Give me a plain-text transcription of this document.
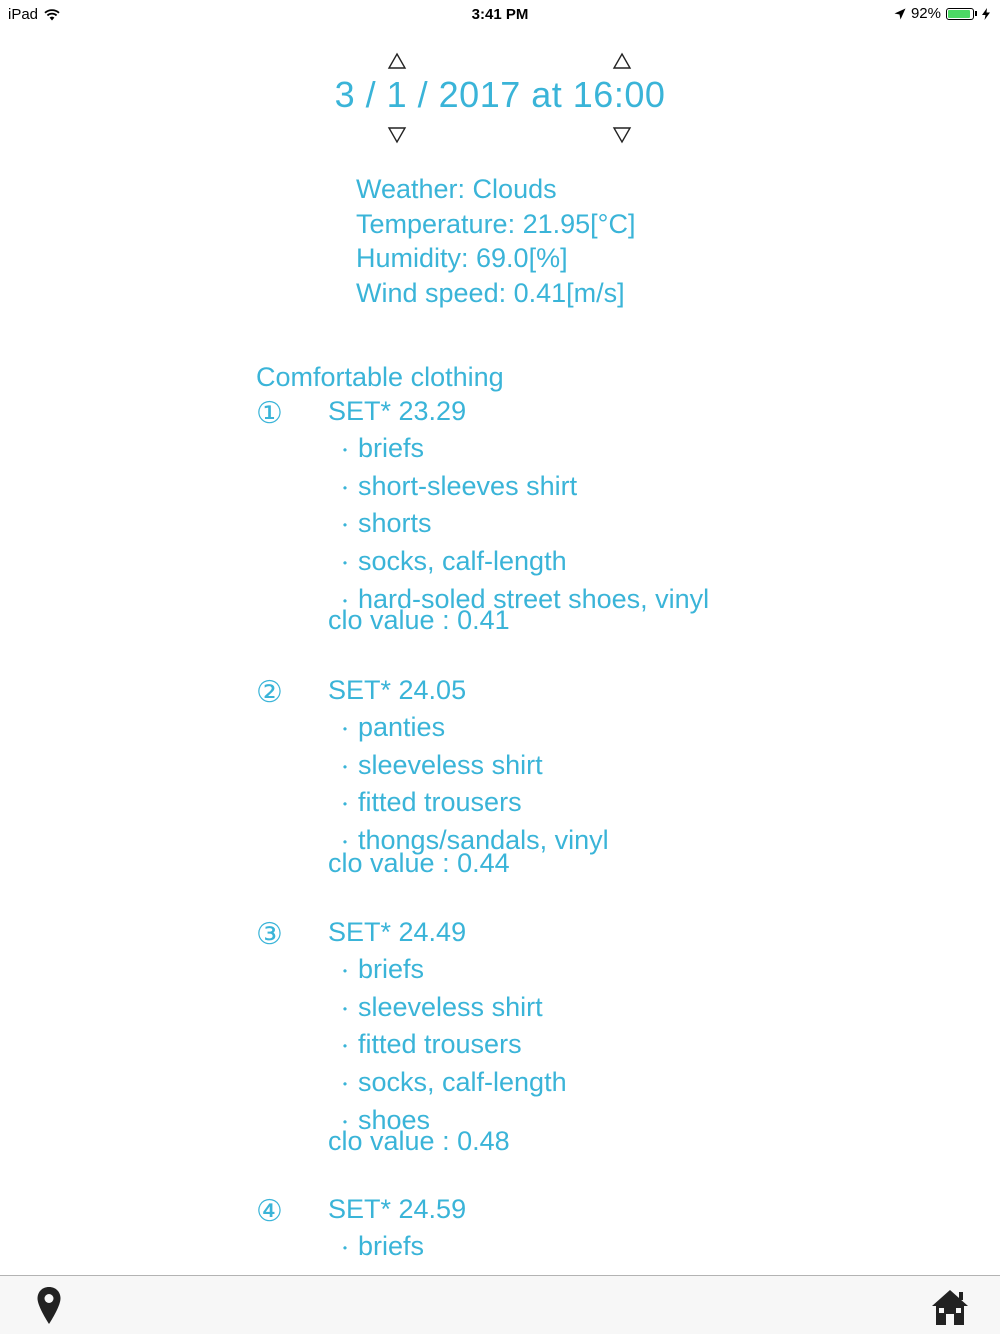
iPad	3:41 PM	92%
3 / 1 / 2017 at 16:00
Weather: Clouds
Temperature: 21.95[°C]
Humidity: 69.0[%]
Wind speed: 0.41[m/s]
Comfortable clothing
① SET* 23.29
・ briefs
・ short-sleeves shirt
・ shorts
・ socks, calf-length
・ hard-soled street shoes, vinyl
clo value : 0.41
② SET* 24.05
・ panties
・ sleeveless shirt
・ fitted trousers
・ thongs/sandals, vinyl
clo value : 0.44
③ SET* 24.49
・ briefs
・ sleeveless shirt
・ fitted trousers
・ socks, calf-length
・ shoes
clo value : 0.48
④ SET* 24.59
・ briefs
